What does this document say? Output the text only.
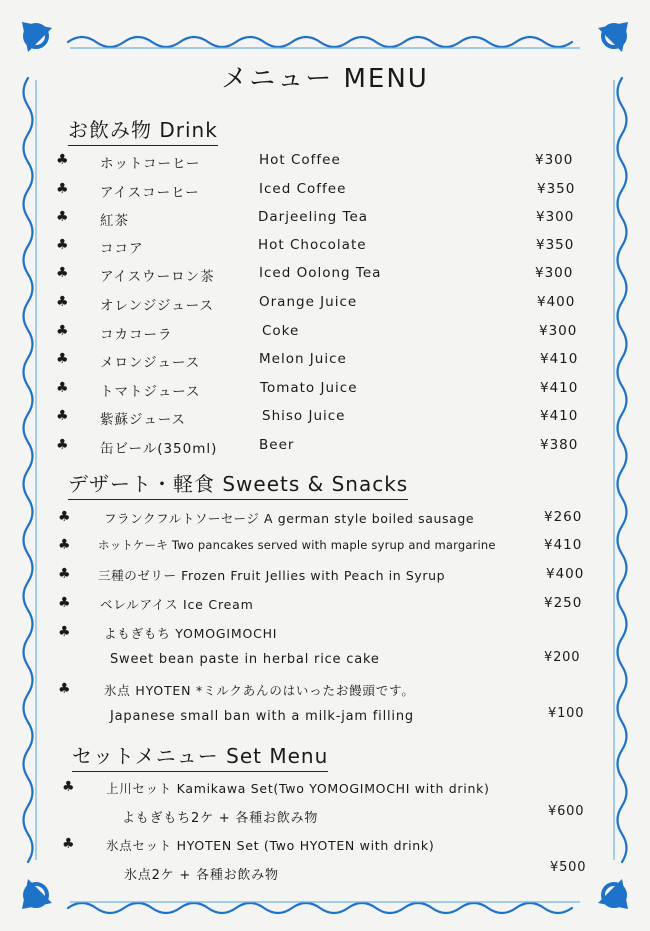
メニュー MENU
お飲み物 Drink
♣ ホットコーヒー	Hot Coffee	¥300
♣ アイスコーヒー	Iced Coffee	¥350
♣ 紅茶	Darjeeling Tea	¥300
♣ ココア	Hot Chocolate	¥350
♣ アイスウーロン茶	Iced Oolong Tea	¥300
♣ オレンジジュース	Orange Juice	¥400
♣ コカコーラ	Coke	¥300
♣ メロンジュース	Melon Juice	¥410
♣ トマトジュース	Tomato Juice	¥410
♣ 紫蘇ジュース	Shiso Juice	¥410
♣ 缶ビール(350ml)	Beer	¥380
デザート・軽食 Sweets & Snacks
♣	フランクフルトソーセージ A german style boiled sausage	¥260
♣ ホットケーキ Two pancakes served with maple syrup and margarine	¥410
♣ 三種のゼリー Frozen Fruit Jellies with Peach in Syrup	¥400
♣ ベレルアイス Ice Cream	¥250
♣	よもぎもち YOMOGIMOCHI
Sweet bean paste in herbal rice cake	¥200
♣	氷点 HYOTEN *ミルクあんのはいったお饅頭です。
Japanese small ban with a milk-jam filling	¥100
セットメニュー Set Menu
♣ 上川セット Kamikawa Set(Two YOMOGIMOCHI with drink)
よもぎもち2ケ + 各種お飲み物	¥600
♣ 氷点セット HYOTEN Set (Two HYOTEN with drink)
氷点2ケ + 各種お飲み物
¥500
